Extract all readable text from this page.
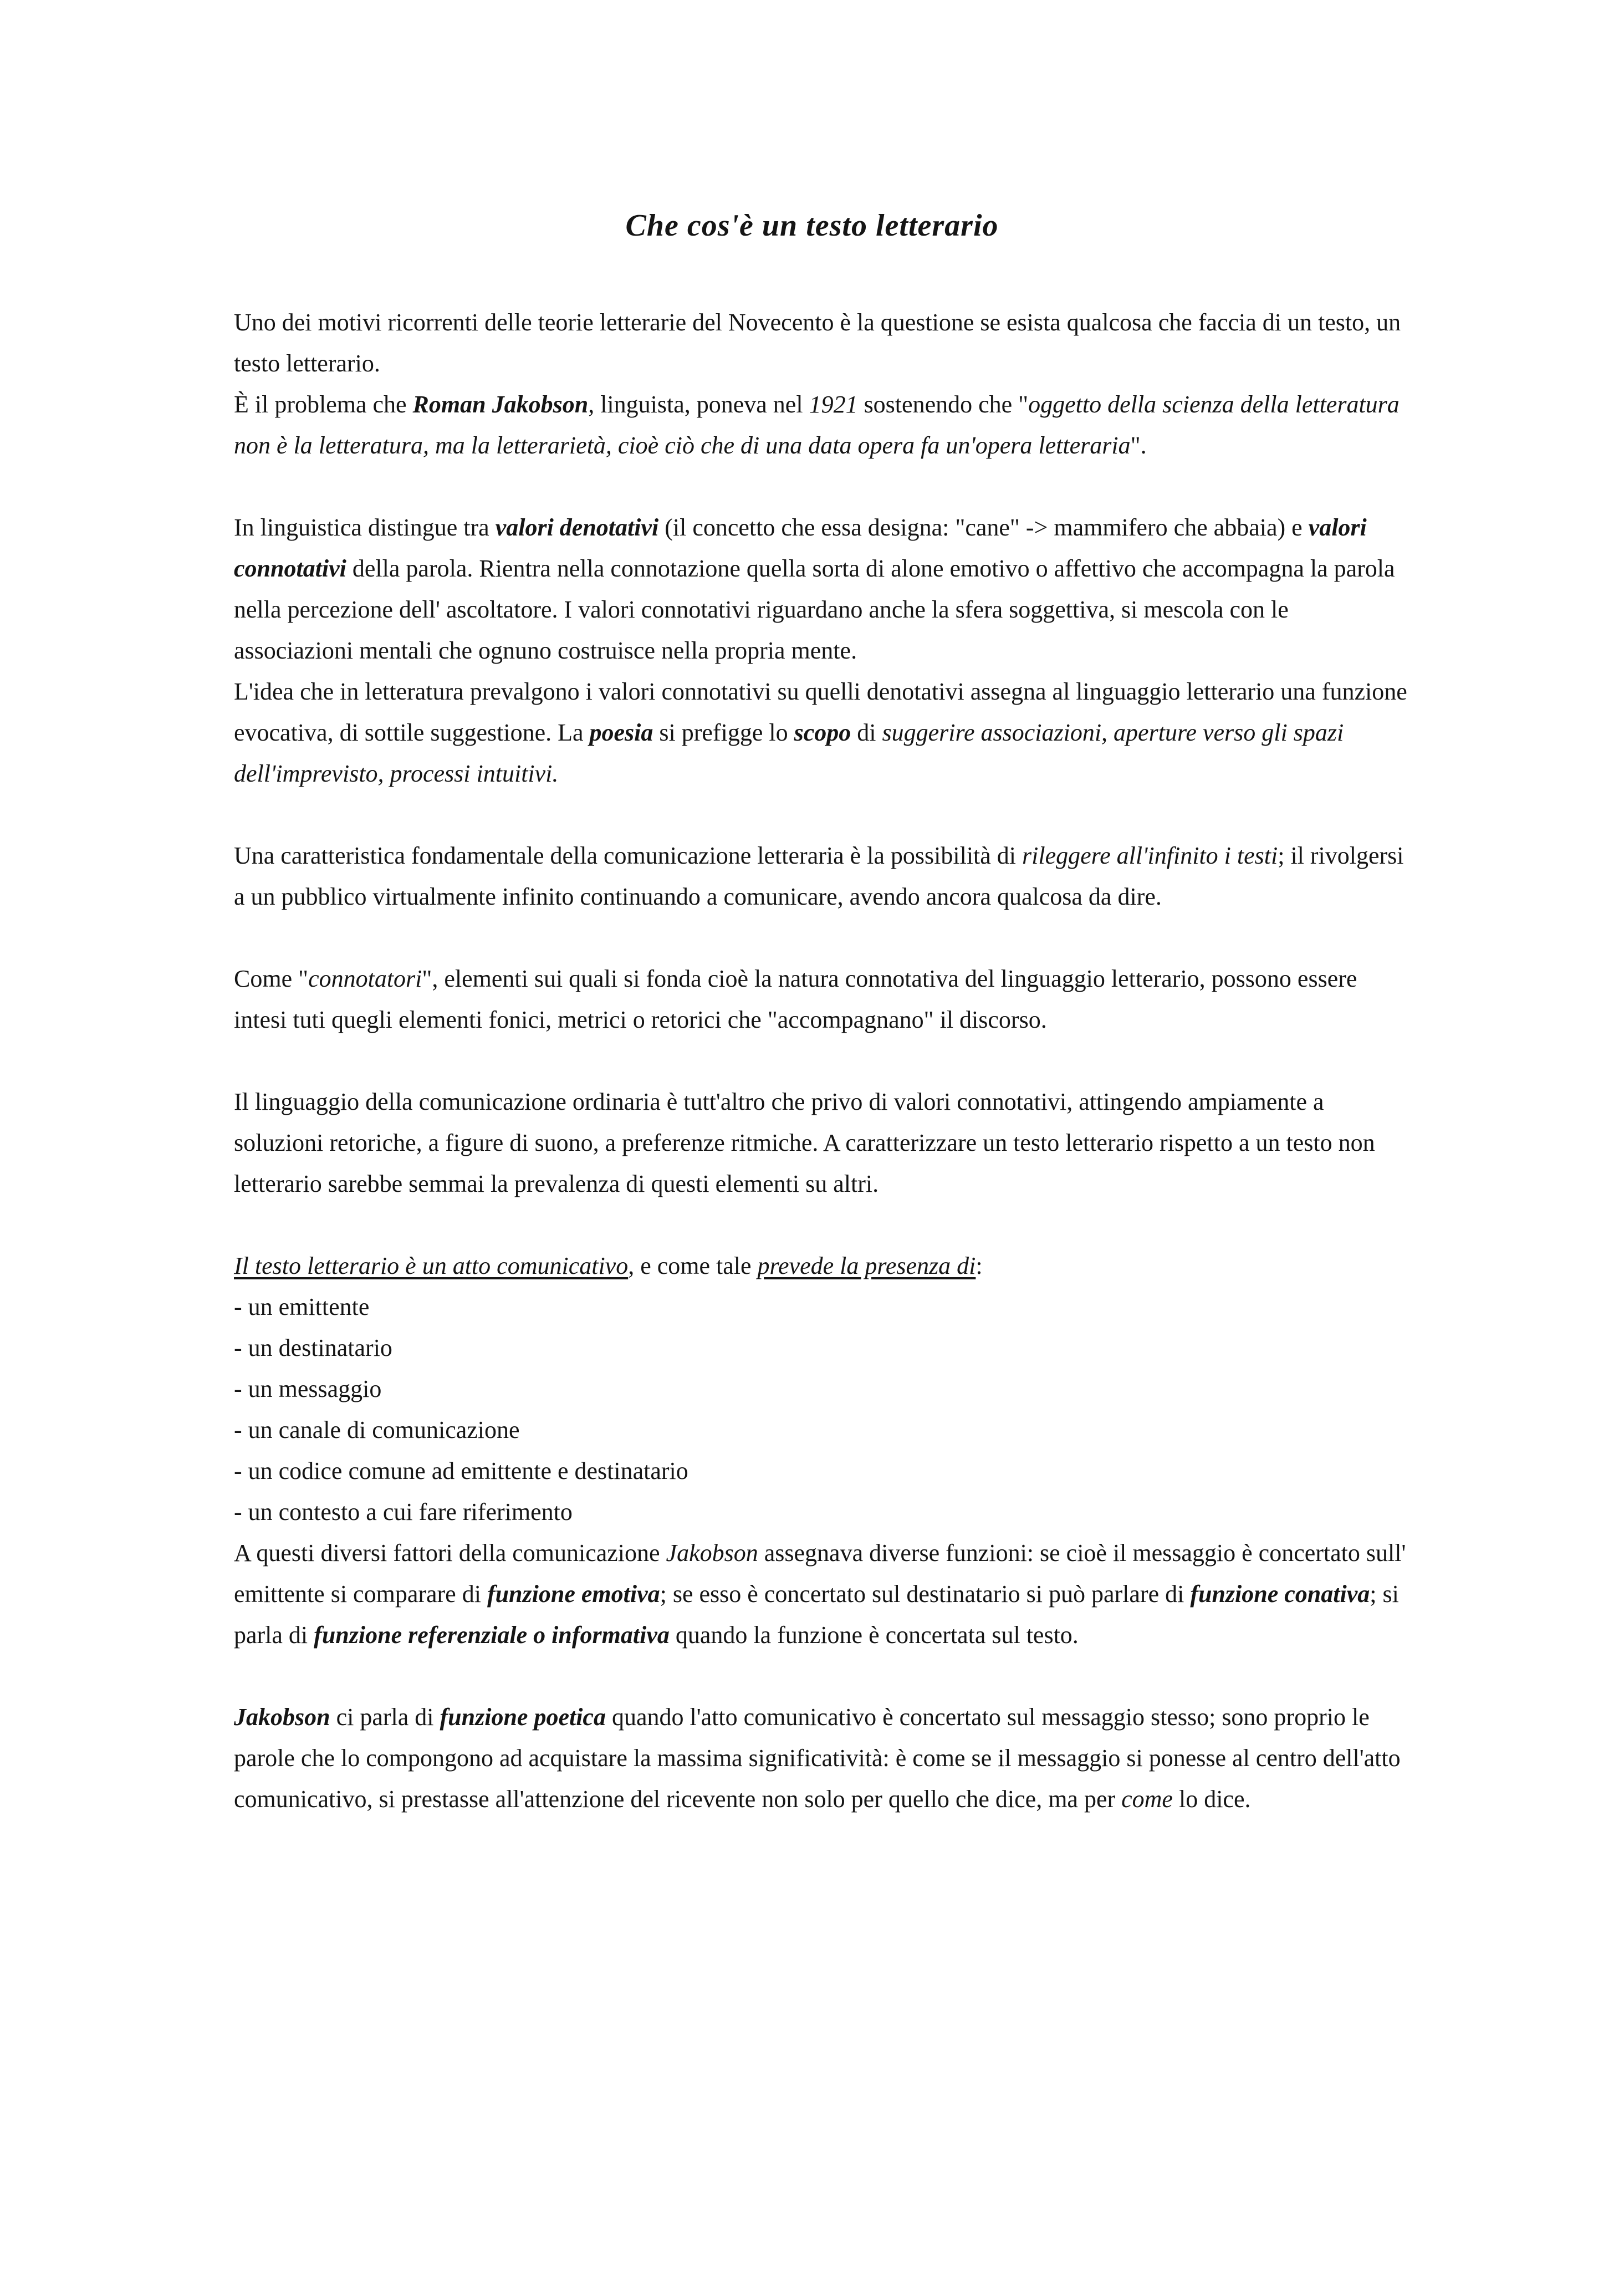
Che cos'è un testo letterario

Uno dei motivi ricorrenti delle teorie letterarie del Novecento è la questione se esista qualcosa che faccia di un testo, un testo letterario.

È il problema che Roman Jakobson, linguista, poneva nel 1921 sostenendo che "oggetto della scienza della letteratura non è la letteratura, ma la letterarietà, cioè ciò che di una data opera fa un'opera letteraria".

In linguistica distingue tra valori denotativi (il concetto che essa designa: "cane" -> mammifero che abbaia) e valori connotativi della parola. Rientra nella connotazione quella sorta di alone emotivo o affettivo che accompagna la parola nella percezione dell' ascoltatore. I valori connotativi riguardano anche la sfera soggettiva, si mescola con le associazioni mentali che ognuno costruisce nella propria mente.

L'idea che in letteratura prevalgono i valori connotativi su quelli denotativi assegna al linguaggio letterario una funzione evocativa, di sottile suggestione. La poesia si prefigge lo scopo di suggerire associazioni, aperture verso gli spazi dell'imprevisto, processi intuitivi.

Una caratteristica fondamentale della comunicazione letteraria è la possibilità di rileggere all'infinito i testi; il rivolgersi a un pubblico virtualmente infinito continuando a comunicare, avendo ancora qualcosa da dire.

Come "connotatori", elementi sui quali si fonda cioè la natura connotativa del linguaggio letterario, possono essere intesi tuti quegli elementi fonici, metrici o retorici che "accompagnano" il discorso.

Il linguaggio della comunicazione ordinaria è tutt'altro che privo di valori connotativi, attingendo ampiamente a soluzioni retoriche, a figure di suono, a preferenze ritmiche. A caratterizzare un testo letterario rispetto a un testo non letterario sarebbe semmai la prevalenza di questi elementi su altri.

Il testo letterario è un atto comunicativo, e come tale prevede la presenza di:

- un emittente
- un destinatario
- un messaggio
- un canale di comunicazione
- un codice comune ad emittente e destinatario
- un contesto a cui fare riferimento

A questi diversi fattori della comunicazione Jakobson assegnava diverse funzioni: se cioè il messaggio è concertato sull' emittente si comparare di funzione emotiva; se esso è concertato sul destinatario si può parlare di funzione conativa; si parla di funzione referenziale o informativa quando la funzione è concertata sul testo.

Jakobson ci parla di funzione poetica quando l'atto comunicativo è concertato sul messaggio stesso; sono proprio le parole che lo compongono ad acquistare la massima significatività: è come se il messaggio si ponesse al centro dell'atto comunicativo, si prestasse all'attenzione del ricevente non solo per quello che dice, ma per come lo dice.
